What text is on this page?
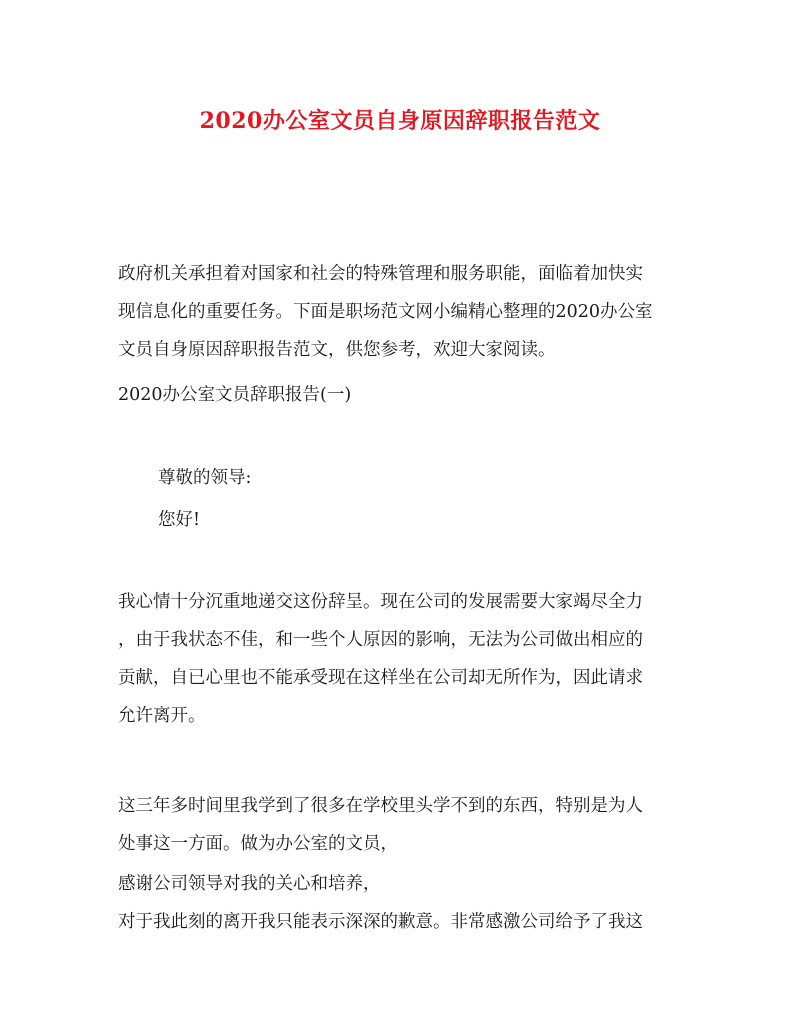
2020办公室文员自身原因辞职报告范文
政府机关承担着对国家和社会的特殊管理和服务职能，面临着加快实
现信息化的重要任务。下面是职场范文网小编精心整理的2020办公室
文员自身原因辞职报告范文，供您参考，欢迎大家阅读。
2020办公室文员辞职报告(一)
尊敬的领导:
您好!
我心情十分沉重地递交这份辞呈。现在公司的发展需要大家竭尽全力
，由于我状态不佳，和一些个人原因的影响，无法为公司做出相应的
贡献，自已心里也不能承受现在这样坐在公司却无所作为，因此请求
允许离开。
这三年多时间里我学到了很多在学校里头学不到的东西，特别是为人
处事这一方面。做为办公室的文员，
感谢公司领导对我的关心和培养，
对于我此刻的离开我只能表示深深的歉意。非常感激公司给予了我这
